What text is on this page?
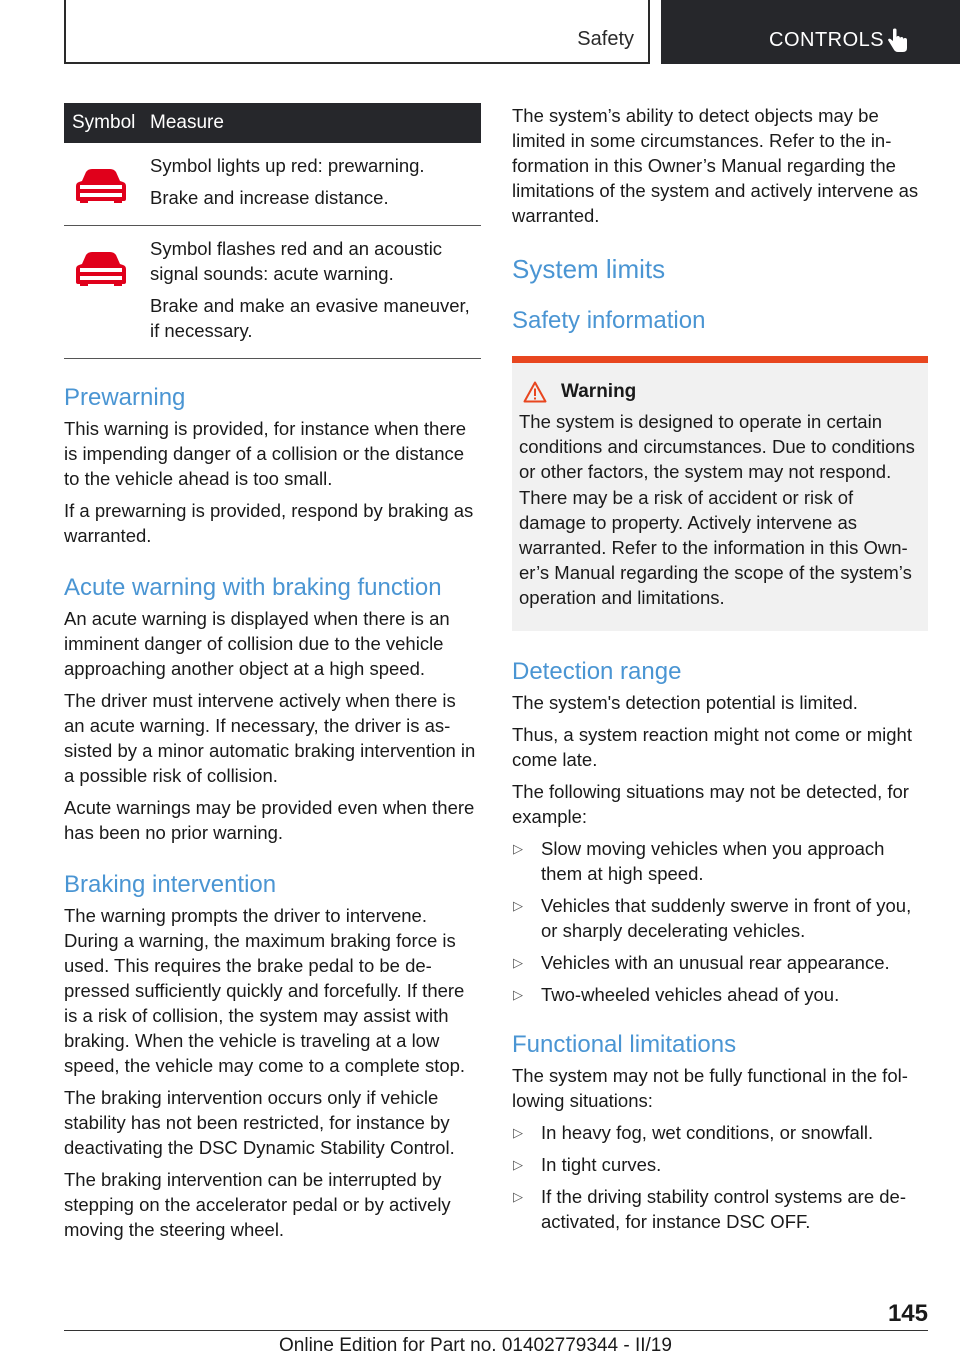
Safety	CONTROLS
Symbol	Measure

Symbol lights up red: prewarning.

Brake and increase distance.

Symbol flashes red and an acoustic signal sounds: acute warning.

Brake and make an evasive maneuver, if necessary.

Prewarning

This warning is provided, for instance when there is impending danger of a collision or the distance to the vehicle ahead is too small.

If a prewarning is provided, respond by braking as warranted.

Acute warning with braking function

An acute warning is displayed when there is an imminent danger of collision due to the vehicle approaching another object at a high speed.

The driver must intervene actively when there is an acute warning. If necessary, the driver is assisted by a minor automatic braking intervention in a possible risk of collision.

Acute warnings may be provided even when there has been no prior warning.

Braking intervention

The warning prompts the driver to intervene. During a warning, the maximum braking force is used. This requires the brake pedal to be depressed sufficiently quickly and forcefully. If there is a risk of collision, the system may assist with braking. When the vehicle is traveling at a low speed, the vehicle may come to a complete stop.

The braking intervention occurs only if vehicle stability has not been restricted, for instance by deactivating the DSC Dynamic Stability Control.

The braking intervention can be interrupted by stepping on the accelerator pedal or by actively moving the steering wheel.

The system’s ability to detect objects may be limited in some circumstances. Refer to the information in this Owner’s Manual regarding the limitations of the system and actively intervene as warranted.

System limits
Safety information
Warning

The system is designed to operate in certain conditions and circumstances. Due to conditions or other factors, the system may not respond. There may be a risk of accident or risk of damage to property. Actively intervene as warranted. Refer to the information in this Owner’s Manual regarding the scope of the system’s operation and limitations.

Detection range

The system's detection potential is limited.

Thus, a system reaction might not come or might come late.

The following situations may not be detected, for example:

▷ Slow moving vehicles when you approach them at high speed.
▷ Vehicles that suddenly swerve in front of you, or sharply decelerating vehicles.
▷ Vehicles with an unusual rear appearance.
▷ Two-wheeled vehicles ahead of you.
Functional limitations

The system may not be fully functional in the following situations:

▷ In heavy fog, wet conditions, or snowfall.
▷ In tight curves.
▷ If the driving stability control systems are deactivated, for instance DSC OFF.
145
Online Edition for Part no. 01402779344 - II/19
